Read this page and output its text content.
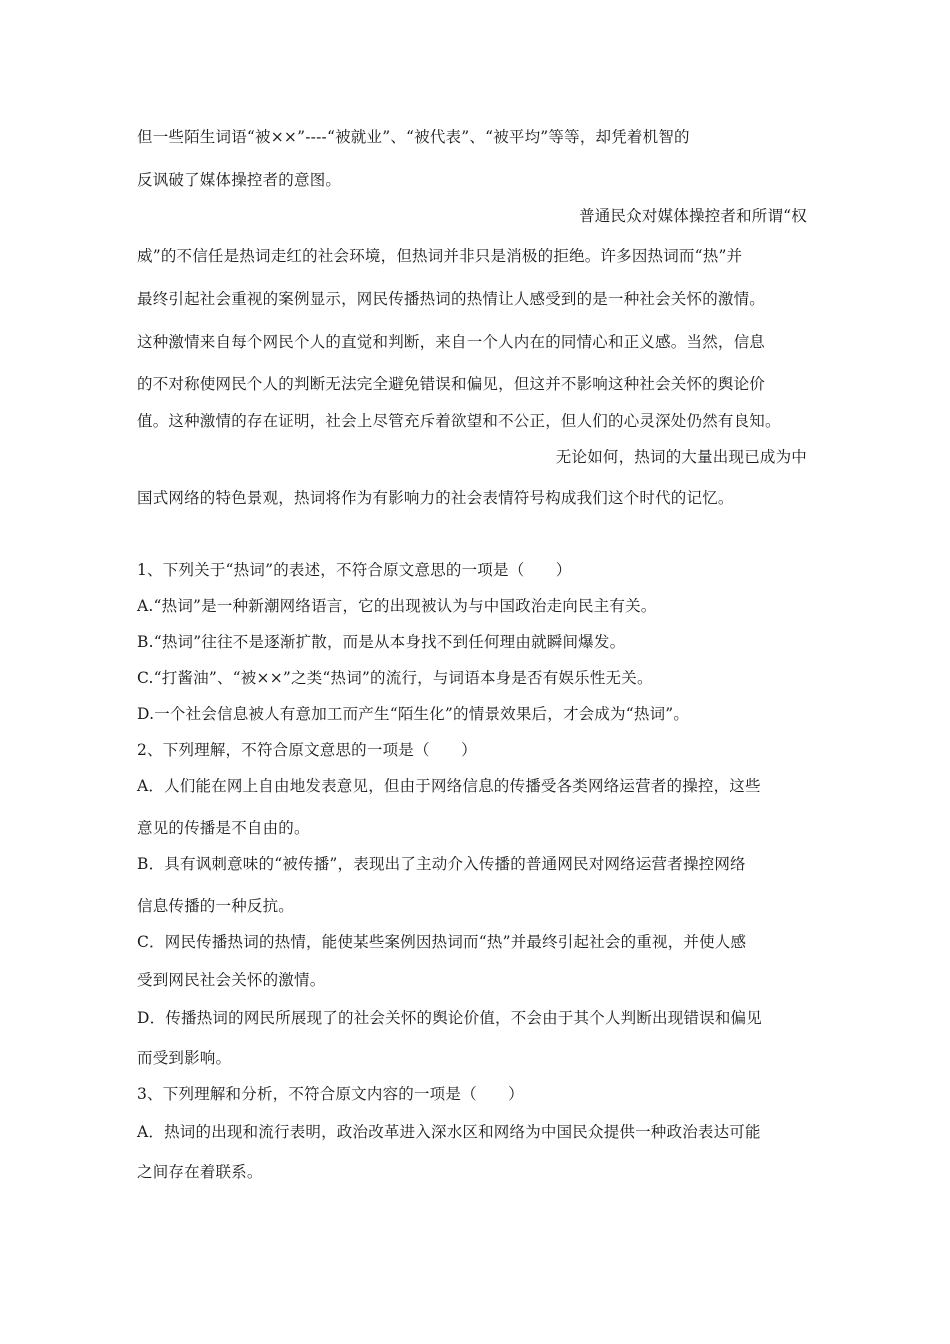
但一些陌生词语“被××”----“被就业”、“被代表”、“被平均”等等，却凭着机智的
反讽破了媒体操控者的意图。
普通民众对媒体操控者和所谓“权
威”的不信任是热词走红的社会环境，但热词并非只是消极的拒绝。许多因热词而“热”并
最终引起社会重视的案例显示，网民传播热词的热情让人感受到的是一种社会关怀的激情。
这种激情来自每个网民个人的直觉和判断，来自一个人内在的同情心和正义感。当然，信息
的不对称使网民个人的判断无法完全避免错误和偏见，但这并不影响这种社会关怀的舆论价
值。这种激情的存在证明，社会上尽管充斥着欲望和不公正，但人们的心灵深处仍然有良知。
无论如何，热词的大量出现已成为中
国式网络的特色景观，热词将作为有影响力的社会表情符号构成我们这个时代的记忆。
1、下列关于“热词”的表述，不符合原文意思的一项是（　　）
A.“热词”是一种新潮网络语言，它的出现被认为与中国政治走向民主有关。
B.“热词”往往不是逐渐扩散，而是从本身找不到任何理由就瞬间爆发。
C.“打酱油”、“被××”之类“热词”的流行，与词语本身是否有娱乐性无关。
D.一个社会信息被人有意加工而产生“陌生化”的情景效果后，才会成为“热词”。
2、下列理解，不符合原文意思的一项是（　　）
A．人们能在网上自由地发表意见，但由于网络信息的传播受各类网络运营者的操控，这些
意见的传播是不自由的。
B．具有讽刺意味的“被传播”，表现出了主动介入传播的普通网民对网络运营者操控网络
信息传播的一种反抗。
C．网民传播热词的热情，能使某些案例因热词而“热”并最终引起社会的重视，并使人感
受到网民社会关怀的激情。
D．传播热词的网民所展现了的社会关怀的舆论价值，不会由于其个人判断出现错误和偏见
而受到影响。
3、下列理解和分析，不符合原文内容的一项是（　　）
A．热词的出现和流行表明，政治改革进入深水区和网络为中国民众提供一种政治表达可能
之间存在着联系。
